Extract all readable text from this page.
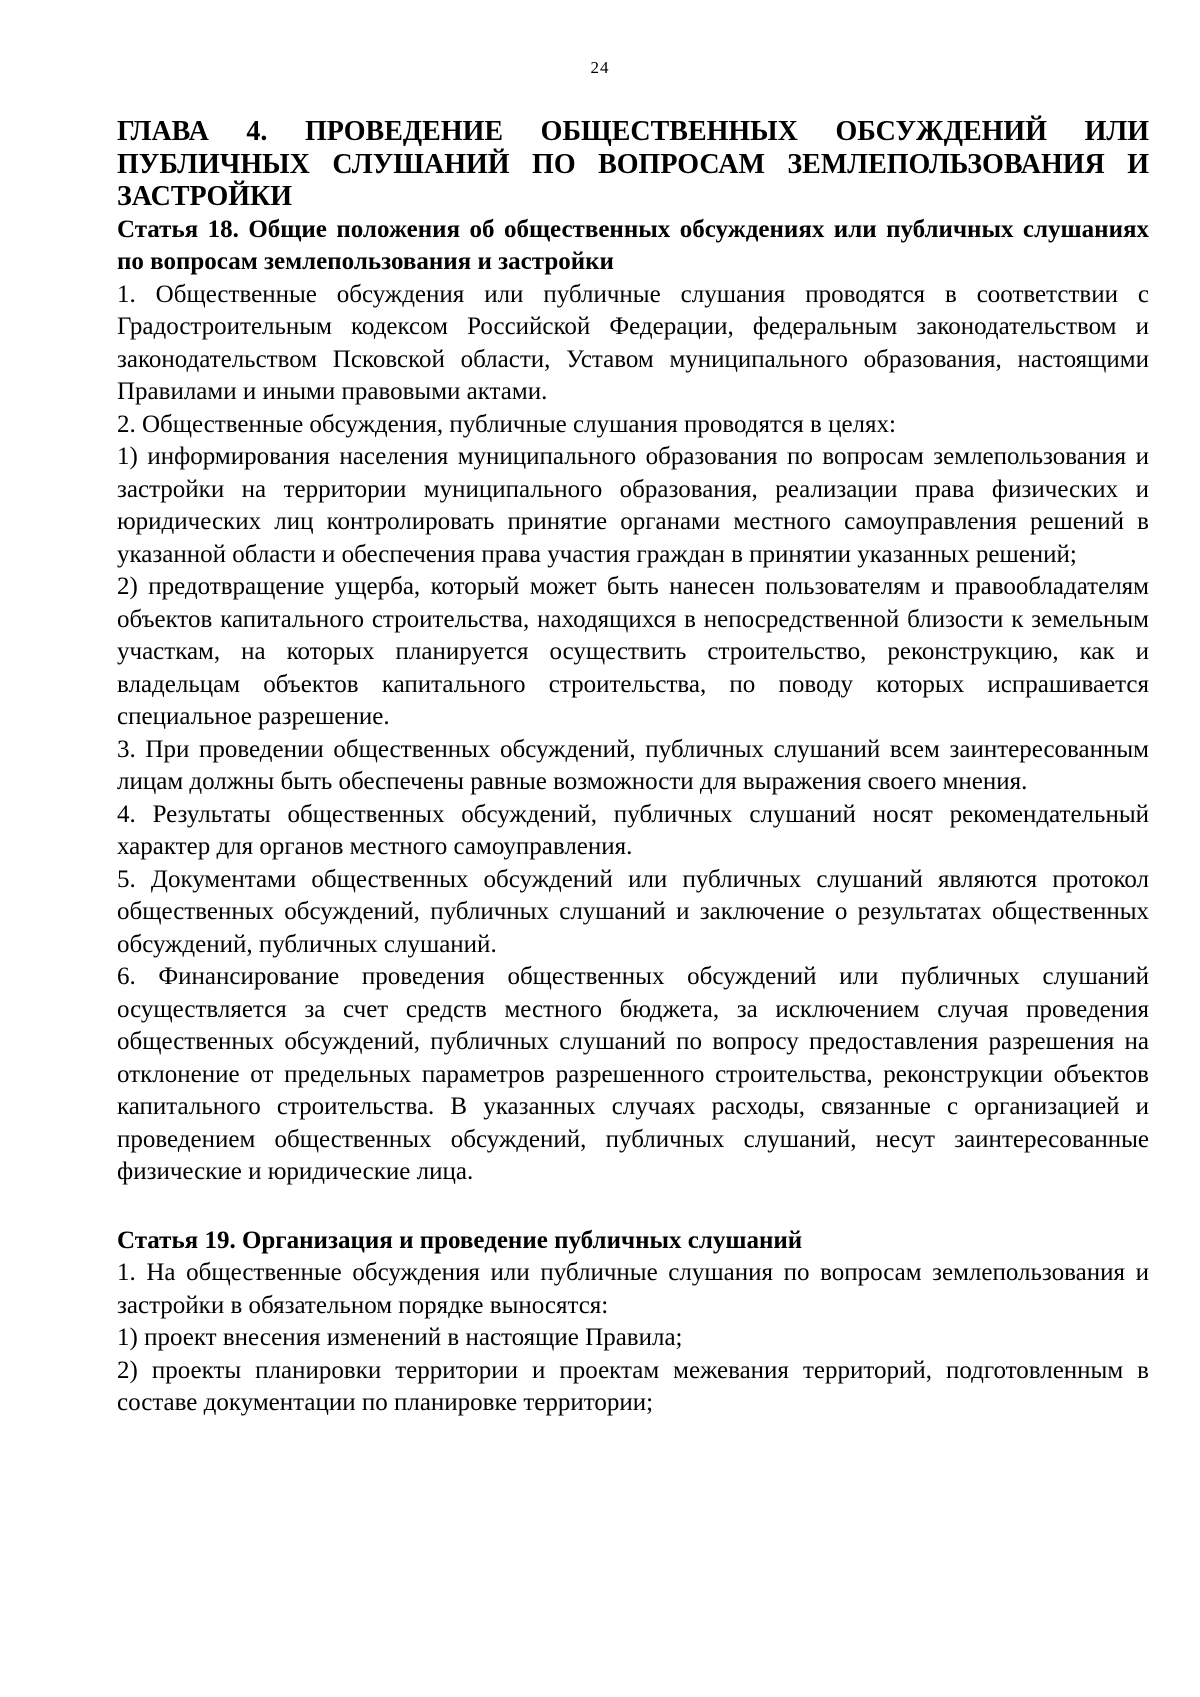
24

ГЛАВА 4. ПРОВЕДЕНИЕ ОБЩЕСТВЕННЫХ ОБСУЖДЕНИЙ ИЛИ ПУБЛИЧНЫХ СЛУШАНИЙ ПО ВОПРОСАМ ЗЕМЛЕПОЛЬЗОВАНИЯ И ЗАСТРОЙКИ

Статья 18. Общие положения об общественных обсуждениях или публичных слушаниях по вопросам землепользования и застройки

1. Общественные обсуждения или публичные слушания проводятся в соответствии с Градостроительным кодексом Российской Федерации, федеральным законодательством и законодательством Псковской области, Уставом муниципального образования, настоящими Правилами и иными правовыми актами.

2. Общественные обсуждения, публичные слушания проводятся в целях:

1) информирования населения муниципального образования по вопросам землепользования и застройки на территории муниципального образования, реализации права физических и юридических лиц контролировать принятие органами местного самоуправления решений в указанной области и обеспечения права участия граждан в принятии указанных решений;

2) предотвращение ущерба, который может быть нанесен пользователям и правообладателям объектов капитального строительства, находящихся в непосредственной близости к земельным участкам, на которых планируется осуществить строительство, реконструкцию, как и владельцам объектов капитального строительства, по поводу которых испрашивается специальное разрешение.

3. При проведении общественных обсуждений, публичных слушаний всем заинтересованным лицам должны быть обеспечены равные возможности для выражения своего мнения.

4. Результаты общественных обсуждений, публичных слушаний носят рекомендательный характер для органов местного самоуправления.

5. Документами общественных обсуждений или публичных слушаний являются протокол общественных обсуждений, публичных слушаний и заключение о результатах общественных обсуждений, публичных слушаний.

6. Финансирование проведения общественных обсуждений или публичных слушаний осуществляется за счет средств местного бюджета, за исключением случая проведения общественных обсуждений, публичных слушаний по вопросу предоставления разрешения на отклонение от предельных параметров разрешенного строительства, реконструкции объектов капитального строительства. В указанных случаях расходы, связанные с организацией и проведением общественных обсуждений, публичных слушаний, несут заинтересованные физические и юридические лица.

Статья 19. Организация и проведение публичных слушаний

1. На общественные обсуждения или публичные слушания по вопросам землепользования и застройки в обязательном порядке выносятся:

1) проект внесения изменений в настоящие Правила;

2) проекты планировки территории и проектам межевания территорий, подготовленным в составе документации по планировке территории;
